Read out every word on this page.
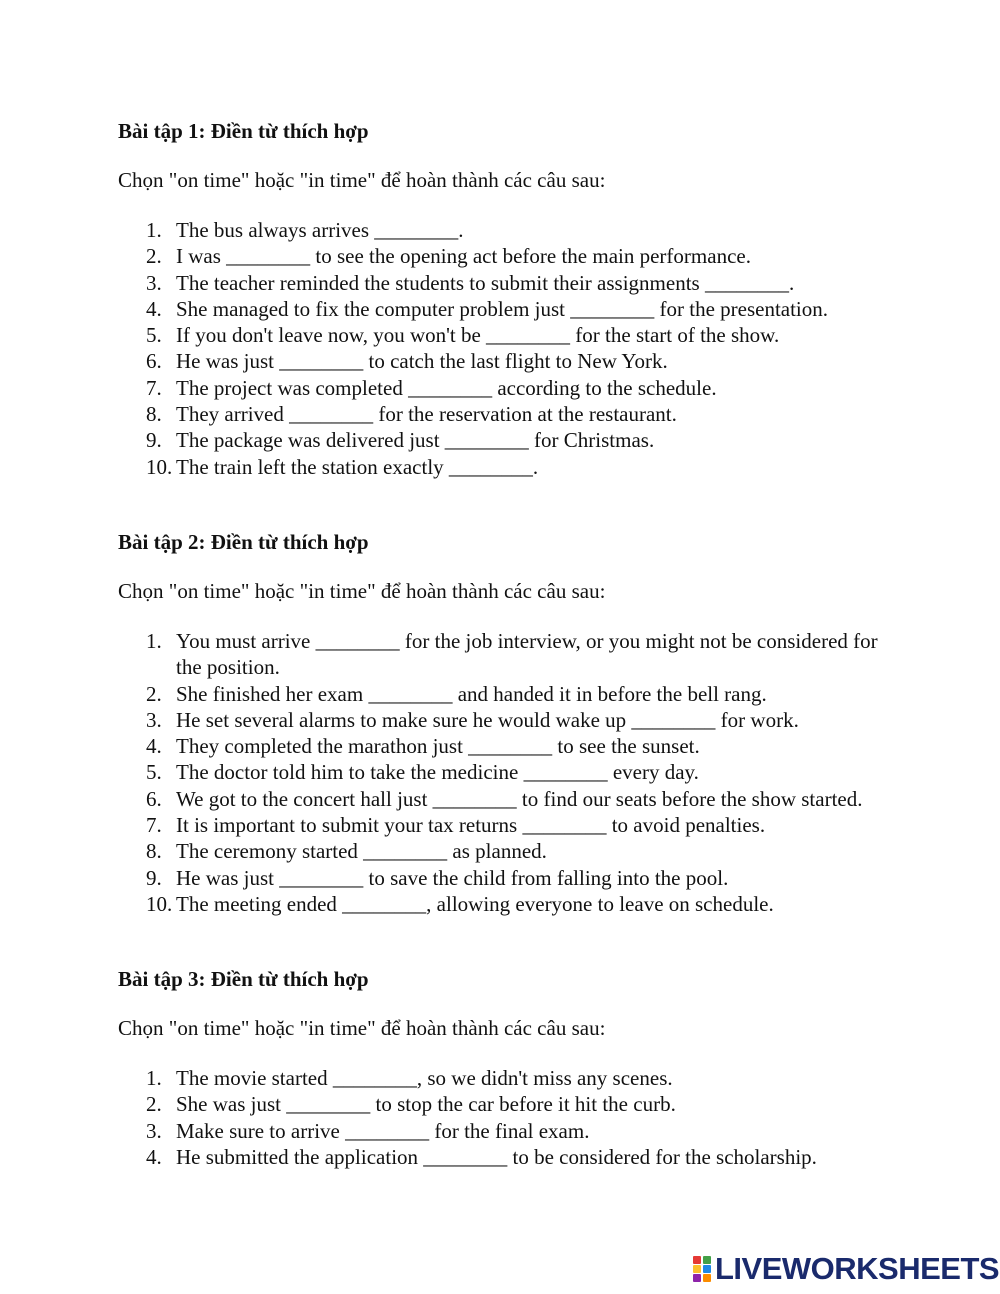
Bài tập 1: Điền từ thích hợp

Chọn "on time" hoặc "in time" để hoàn thành các câu sau:

1. The bus always arrives ________.
2. I was ________ to see the opening act before the main performance.
3. The teacher reminded the students to submit their assignments ________.
4. She managed to fix the computer problem just ________ for the presentation.
5. If you don't leave now, you won't be ________ for the start of the show.
6. He was just ________ to catch the last flight to New York.
7. The project was completed ________ according to the schedule.
8. They arrived ________ for the reservation at the restaurant.
9. The package was delivered just ________ for Christmas.
10. The train left the station exactly ________.

Bài tập 2: Điền từ thích hợp

Chọn "on time" hoặc "in time" để hoàn thành các câu sau:

1. You must arrive ________ for the job interview, or you might not be considered for the position.
2. She finished her exam ________ and handed it in before the bell rang.
3. He set several alarms to make sure he would wake up ________ for work.
4. They completed the marathon just ________ to see the sunset.
5. The doctor told him to take the medicine ________ every day.
6. We got to the concert hall just ________ to find our seats before the show started.
7. It is important to submit your tax returns ________ to avoid penalties.
8. The ceremony started ________ as planned.
9. He was just ________ to save the child from falling into the pool.
10. The meeting ended ________, allowing everyone to leave on schedule.

Bài tập 3: Điền từ thích hợp

Chọn "on time" hoặc "in time" để hoàn thành các câu sau:

1. The movie started ________, so we didn't miss any scenes.
2. She was just ________ to stop the car before it hit the curb.
3. Make sure to arrive ________ for the final exam.
4. He submitted the application ________ to be considered for the scholarship.
LIVEWORKSHEETS
